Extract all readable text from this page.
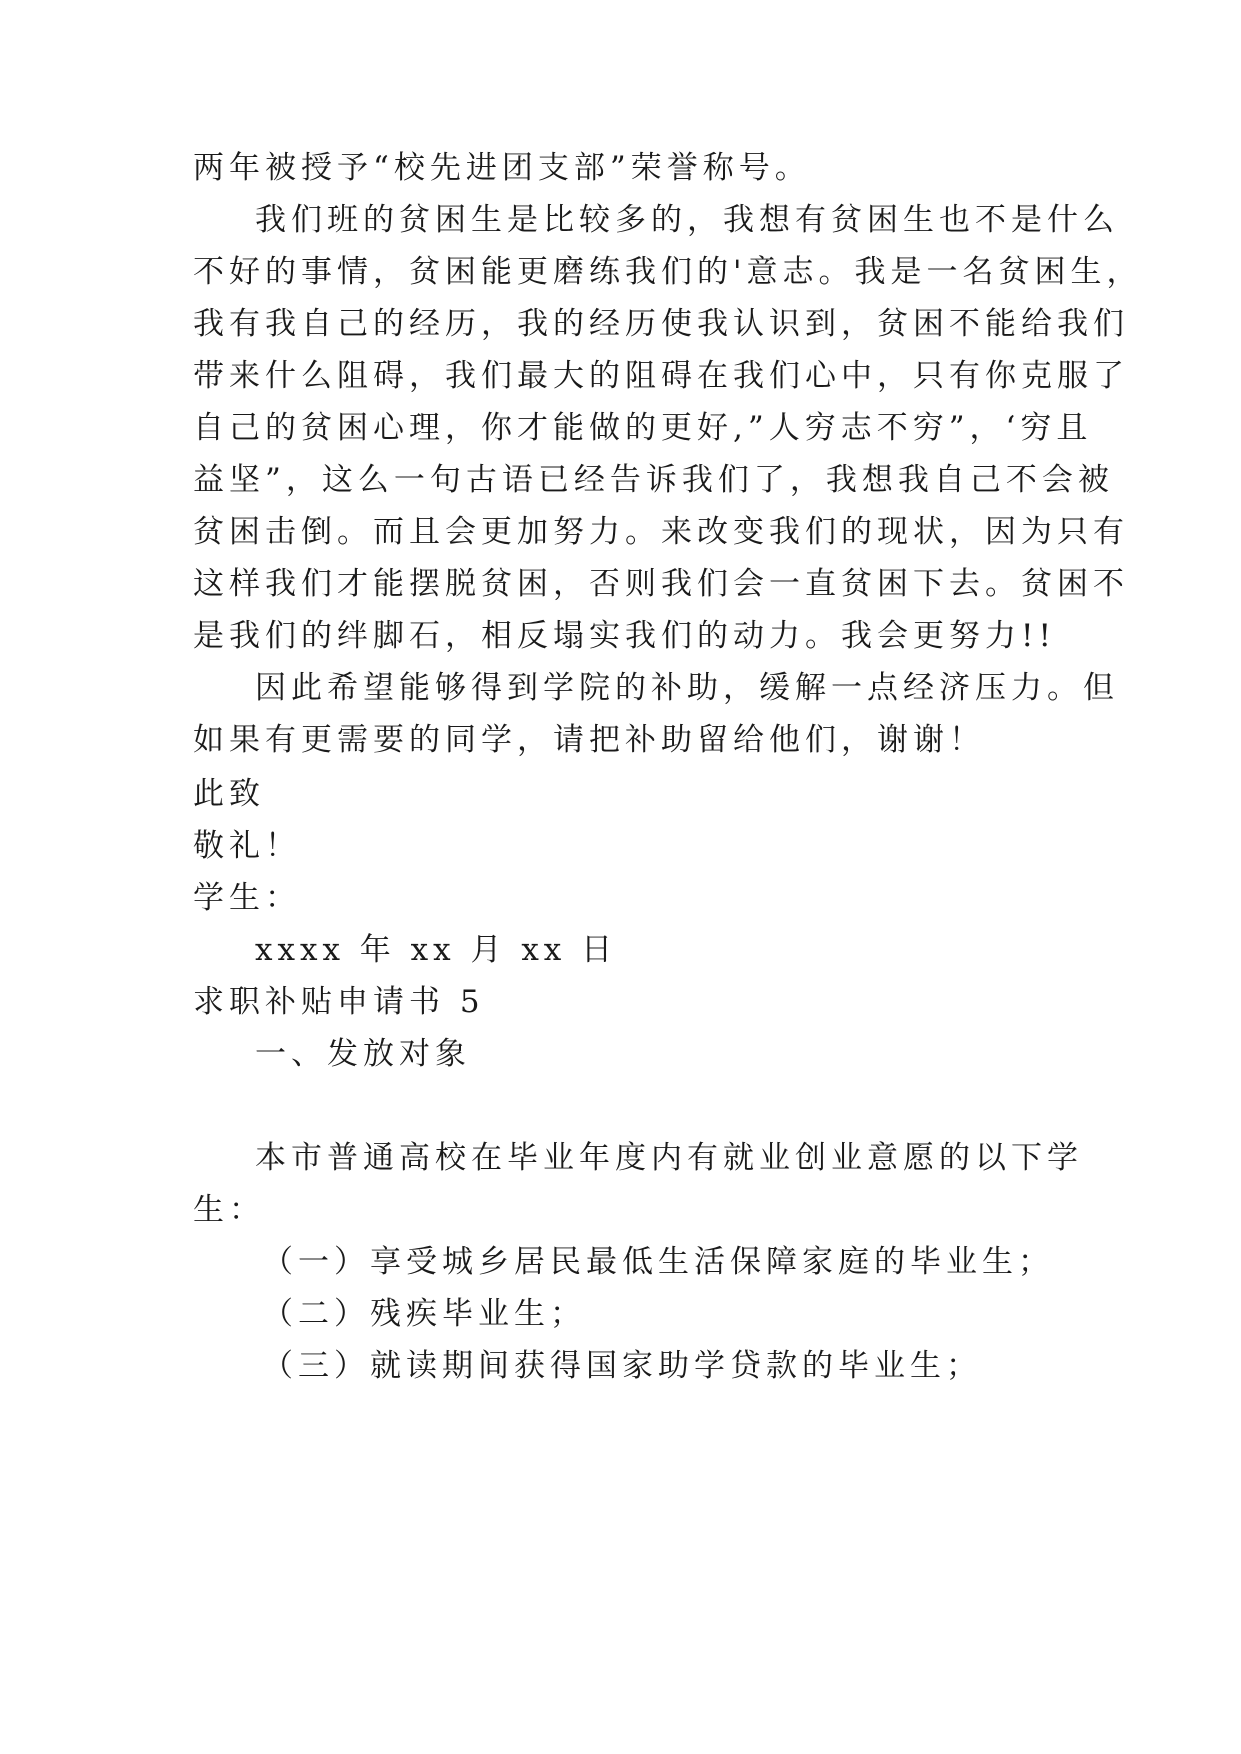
两年被授予“校先进团支部”荣誉称号。
我们班的贫困生是比较多的，我想有贫困生也不是什么
不好的事情，贫困能更磨练我们的'意志。我是一名贫困生，
我有我自己的经历，我的经历使我认识到，贫困不能给我们
带来什么阻碍，我们最大的阻碍在我们心中，只有你克服了
自己的贫困心理，你才能做的更好,”人穷志不穷”，‘穷且
益坚”，这么一句古语已经告诉我们了，我想我自己不会被
贫困击倒。而且会更加努力。来改变我们的现状，因为只有
这样我们才能摆脱贫困，否则我们会一直贫困下去。贫困不
是我们的绊脚石，相反塌实我们的动力。我会更努力!!
因此希望能够得到学院的补助，缓解一点经济压力。但
如果有更需要的同学，请把补助留给他们，谢谢！
此致
敬礼！
学生：
xxxx 年 xx 月 xx 日
求职补贴申请书 5
一、发放对象
本市普通高校在毕业年度内有就业创业意愿的以下学
生：
（一）享受城乡居民最低生活保障家庭的毕业生；
（二）残疾毕业生；
（三）就读期间获得国家助学贷款的毕业生；
